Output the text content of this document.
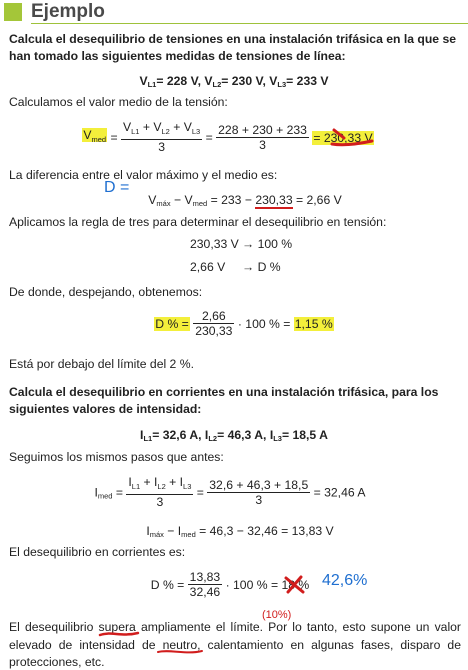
Ejemplo
Calcula el desequilibrio de tensiones en una instalación trifásica en la que se han tomado las siguientes medidas de tensiones de línea:
$V_{L1}= 228$ V, $V_{L2}= 230$ V, $V_{L3}= 233$ V
Calculamos el valor medio de la tensión:
$V_{med} = \frac{V_{L1} + V_{L2} + V_{L3}}{3} = \frac{228 + 230 + 233}{3} = 230,33$ V
La diferencia entre el valor máximo y el medio es:
D =
$V_{máx} - V_{med} = 233 - 230,33 = 2,66$ V
Aplicamos la regla de tres para determinar el desequilibrio en tensión:
230,33 V → 100 %
2,66 V → D %
De donde, despejando, obtenemos:
D % = $\frac{2,66}{230,33} \cdot 100$ % = 1,15 %
Está por debajo del límite del 2 %.
Calcula el desequilibrio en corrientes en una instalación trifásica, para los siguientes valores de intensidad:
$I_{L1}= 32,6$ A, $I_{L2}= 46,3$ A, $I_{L3}= 18,5$ A
Seguimos los mismos pasos que antes:
$I_{med} = \frac{I_{L1} + I_{L2} + I_{L3}}{3} = \frac{32,6 + 46,3 + 18,5}{3} = 32,46$ A
$I_{máx} - I_{med} = 46,3 - 32,46 = 13,83$ V
El desequilibrio en corrientes es:
D % = $\frac{13,83}{32,46} \cdot 100$ % = 18 % 42,6%
(10%)
El desequilibrio supera ampliamente el límite. Por lo tanto, esto supone un valor elevado de intensidad de neutro, calentamiento en algunas fases, disparo de protecciones, etc.
